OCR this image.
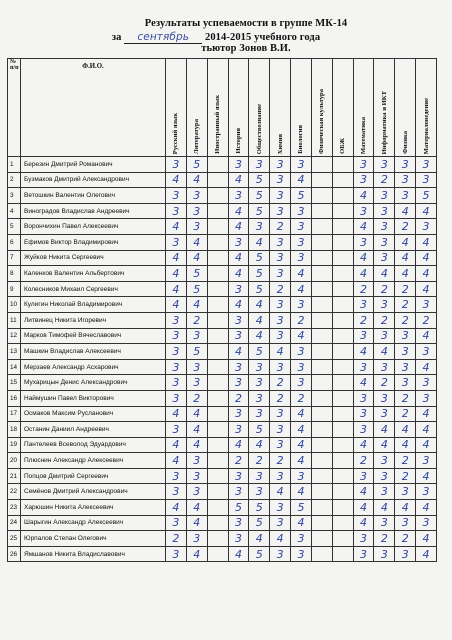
Результаты успеваемости в группе МК-14
за сентябрь 2014-2015 учебного года
тьютор Зонов В.И.
№
п/п	Ф.И.О.	Русский язык	Литература	Иностранный язык	История	Обществознание	Химия	Биология	Физическая культура	ОБЖ	Математика	Информатика и ИКТ	Физика	Материаловедение
1	Березин Дмитрий Романович	3	5		3	3	3	3			3	3	3	3
2	Бузмаков Дмитрий Александрович	4	4		4	5	3	4			3	2	3	3
3	Ветошкин Валентин Олегович	3	3		3	5	3	5			4	3	3	5
4	Виноградов Владислав Андреевич	3	3		4	5	3	3			3	3	4	4
5	Ворончихин Павел Алексеевич	4	3		4	3	2	3			4	3	2	3
6	Ефимов Виктор Владимирович	3	4		3	4	3	3			3	3	4	4
7	Жуйков Никита Сергеевич	4	4		4	5	3	3			4	3	4	4
8	Каленков Валентин Альбертович	4	5		4	5	3	4			4	4	4	4
9	Колесников Михаил Сергеевич	4	5		3	5	2	4			2	2	2	4
10	Кулигин Николай Владимирович	4	4		4	4	3	3			3	3	2	3
11	Литвинец Никита Игоревич	3	2		3	4	3	2			2	2	2	2
12	Марков Тимофей Вячеславович	3	3		3	4	3	4			3	3	3	4
13	Машкин Владислав Алексеевич	3	5		4	5	4	3			4	4	3	3
14	Мерзаев Александр Асхарович	3	3		3	3	3	3			3	3	3	4
15	Мухарицын Денис Александрович	3	3		3	3	2	3			4	2	3	3
16	Наймушин Павел Викторович	3	2		2	3	2	2			3	3	2	3
17	Осмаков Максим Русланович	4	4		3	3	3	4			3	3	2	4
18	Останин Даниил Андреевич	3	4		3	5	3	4			3	4	4	4
19	Пантелеев Всеволод Эдуардович	4	4		4	4	3	4			4	4	4	4
20	Плюснин Александр Алексеевич	4	3		2	2	2	4			2	3	2	3
21	Попцов Дмитрий Сергеевич	3	3		3	3	3	3			3	3	2	4
22	Семёнов Дмитрий Александрович	3	3		3	3	4	4			4	3	3	3
23	Харюшин Никита Алексеевич	4	4		5	5	3	5			4	4	4	4
24	Шарыгин Александр Алексеевич	3	4		3	5	3	4			4	3	3	3
25	Юрпалов Степан Олегович	2	3		3	4	4	3			3	2	2	4
26	Ямшанов Никита Владиславович	3	4		4	5	3	3			3	3	3	4
